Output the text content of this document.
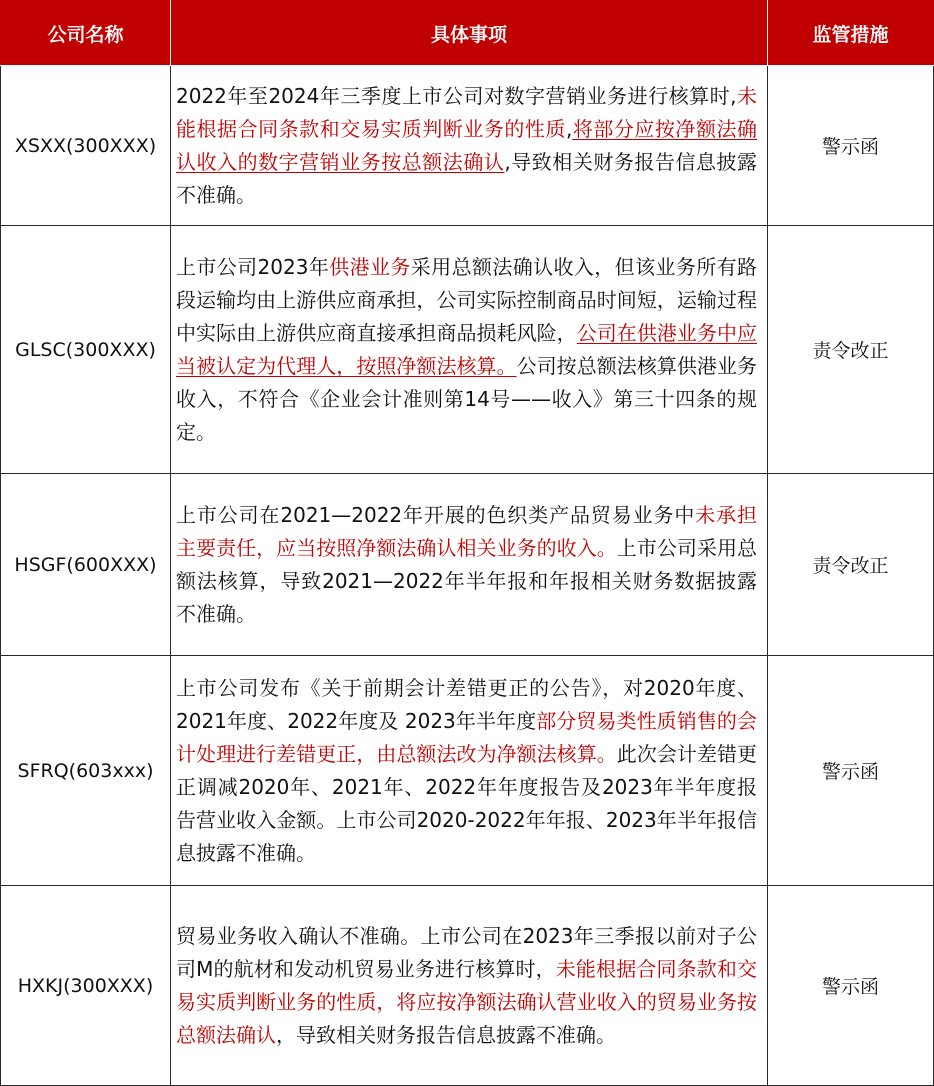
公司名称	具体事项	监管措施
XSXX(300XXX)	2022年至2024年三季度上市公司对数字营销业务进行核算时,未能根据合同条款和交易实质判断业务的性质,将部分应按净额法确认收入的数字营销业务按总额法确认,导致相关财务报告信息披露不准确。	警示函
GLSC(300XXX)	上市公司2023年供港业务采用总额法确认收入，但该业务所有路段运输均由上游供应商承担，公司实际控制商品时间短，运输过程中实际由上游供应商直接承担商品损耗风险，公司在供港业务中应当被认定为代理人，按照净额法核算。公司按总额法核算供港业务收入，不符合《企业会计准则第14号——收入》第三十四条的规定。	责令改正
HSGF(600XXX)	上市公司在2021—2022年开展的色织类产品贸易业务中未承担主要责任，应当按照净额法确认相关业务的收入。上市公司采用总额法核算，导致2021—2022年半年报和年报相关财务数据披露不准确。	责令改正
SFRQ(603xxx)	上市公司发布《关于前期会计差错更正的公告》，对2020年度、2021年度、2022年度及 2023年半年度部分贸易类性质销售的会计处理进行差错更正，由总额法改为净额法核算。此次会计差错更正调减2020年、2021年、2022年年度报告及2023年半年度报告营业收入金额。上市公司2020-2022年年报、2023年半年报信息披露不准确。	警示函
HXKJ(300XXX)	贸易业务收入确认不准确。上市公司在2023年三季报以前对子公司M的航材和发动机贸易业务进行核算时，未能根据合同条款和交易实质判断业务的性质，将应按净额法确认营业收入的贸易业务按总额法确认，导致相关财务报告信息披露不准确。	警示函
